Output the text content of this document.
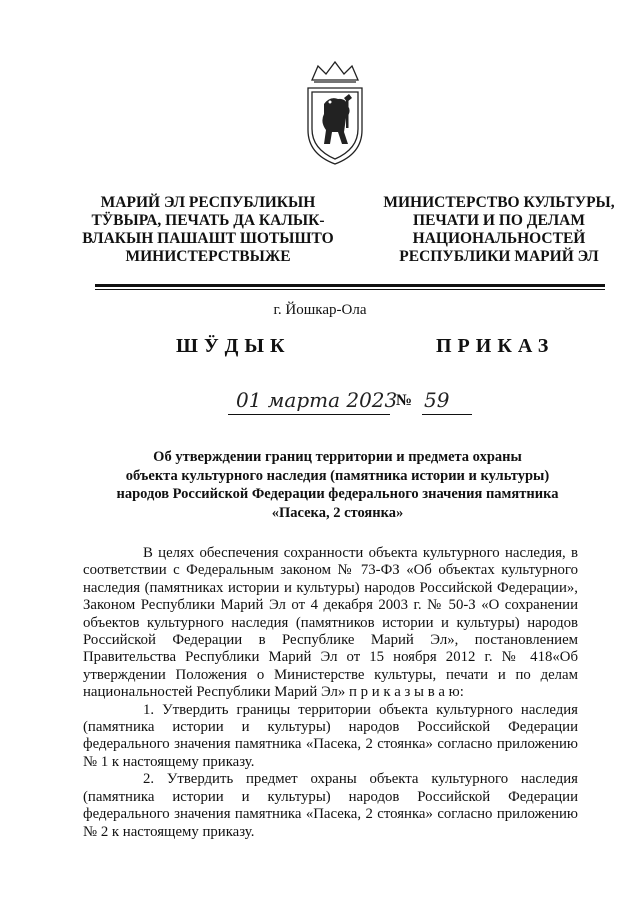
МАРИЙ ЭЛ РЕСПУБЛИКЫН
ТӰВЫРА, ПЕЧАТЬ ДА КАЛЫК-
ВЛАКЫН ПАШАШТ ШОТЫШТО
МИНИСТЕРСТВЫЖЕ
МИНИСТЕРСТВО КУЛЬТУРЫ,
ПЕЧАТИ И ПО ДЕЛАМ
НАЦИОНАЛЬНОСТЕЙ
РЕСПУБЛИКИ МАРИЙ ЭЛ
г. Йошкар-Ола
ШӰДЫК	ПРИКАЗ
01 марта 2023
№ 59
Об утверждении границ территории и предмета охраны
объекта культурного наследия (памятника истории и культуры)
народов Российской Федерации федерального значения памятника
«Пасека, 2 стоянка»

В целях обеспечения сохранности объекта культурного наследия, в соответствии с Федеральным законом № 73-ФЗ «Об объектах культурного наследия (памятниках истории и культуры) народов Российской Федерации», Законом Республики Марий Эл от 4 декабря 2003 г. № 50-З «О сохранении объектов культурного наследия (памятников истории и культуры) народов Российской Федерации в Республике Марий Эл», постановлением Правительства Республики Марий Эл от 15 ноября 2012 г. № 418«Об утверждении Положения о Министерстве культуры, печати и по делам национальностей Республики Марий Эл» п р и к а з ы в а ю:

1. Утвердить границы территории объекта культурного наследия (памятника истории и культуры) народов Российской Федерации федерального значения памятника «Пасека, 2 стоянка» согласно приложению № 1 к настоящему приказу.

2. Утвердить предмет охраны объекта культурного наследия (памятника истории и культуры) народов Российской Федерации федерального значения памятника «Пасека, 2 стоянка» согласно приложению № 2 к настоящему приказу.
